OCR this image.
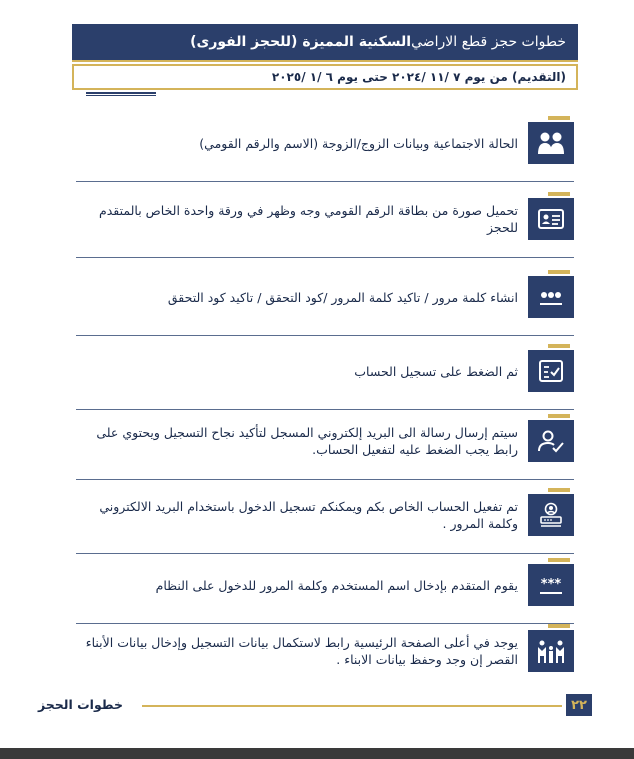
خطوات حجز قطع الاراضي
السكنية المميزة (للحجز الفورى)
(التقديم) من يوم ٧ /١١ /٢٠٢٤ حتى يوم ٦ /١ /٢٠٢٥
الحالة الاجتماعية وبيانات الزوج/الزوجة (الاسم والرقم القومي)
تحميل صورة من بطاقة الرقم القومي وجه وظهر في ورقة واحدة الخاص بالمتقدم للحجز
انشاء كلمة مرور / تاكيد كلمة المرور /كود التحقق / تاكيد كود التحقق
ثم الضغط على تسجيل الحساب
سيتم إرسال رسالة الى البريد إلكتروني المسجل لتأكيد نجاح التسجيل ويحتوي على رابط يجب الضغط عليه لتفعيل الحساب.
تم تفعيل الحساب الخاص بكم ويمكنكم تسجيل الدخول باستخدام البريد الالكتروني وكلمة المرور .
***
يقوم المتقدم بإدخال اسم المستخدم وكلمة المرور للدخول على النظام
يوجد في أعلى الصفحة الرئيسية رابط لاستكمال بيانات التسجيل وإدخال بيانات الأبناء القصر إن وجد وحفظ بيانات الابناء .
خطوات الحجز	٢٢
